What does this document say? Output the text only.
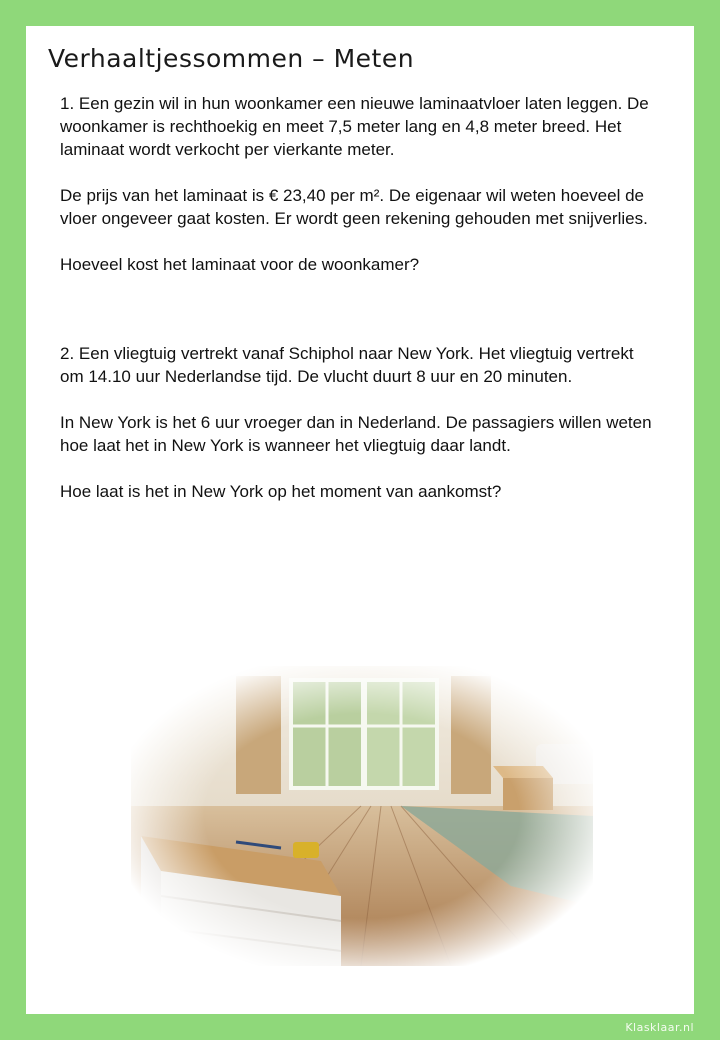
Verhaaltjessommen – Meten

1. Een gezin wil in hun woonkamer een nieuwe laminaatvloer laten leggen. De woonkamer is rechthoekig en meet 7,5 meter lang en 4,8 meter breed. Het laminaat wordt verkocht per vierkante meter.

De prijs van het laminaat is € 23,40 per m². De eigenaar wil weten hoeveel de vloer ongeveer gaat kosten. Er wordt geen rekening gehouden met snijverlies.

Hoeveel kost het laminaat voor de woonkamer?

2. Een vliegtuig vertrekt vanaf Schiphol naar New York. Het vliegtuig vertrekt om 14.10 uur Nederlandse tijd. De vlucht duurt 8 uur en 20 minuten.

In New York is het 6 uur vroeger dan in Nederland. De passagiers willen weten hoe laat het in New York is wanneer het vliegtuig daar landt.

Hoe laat is het in New York op het moment van aankomst?

Klasklaar.nl
